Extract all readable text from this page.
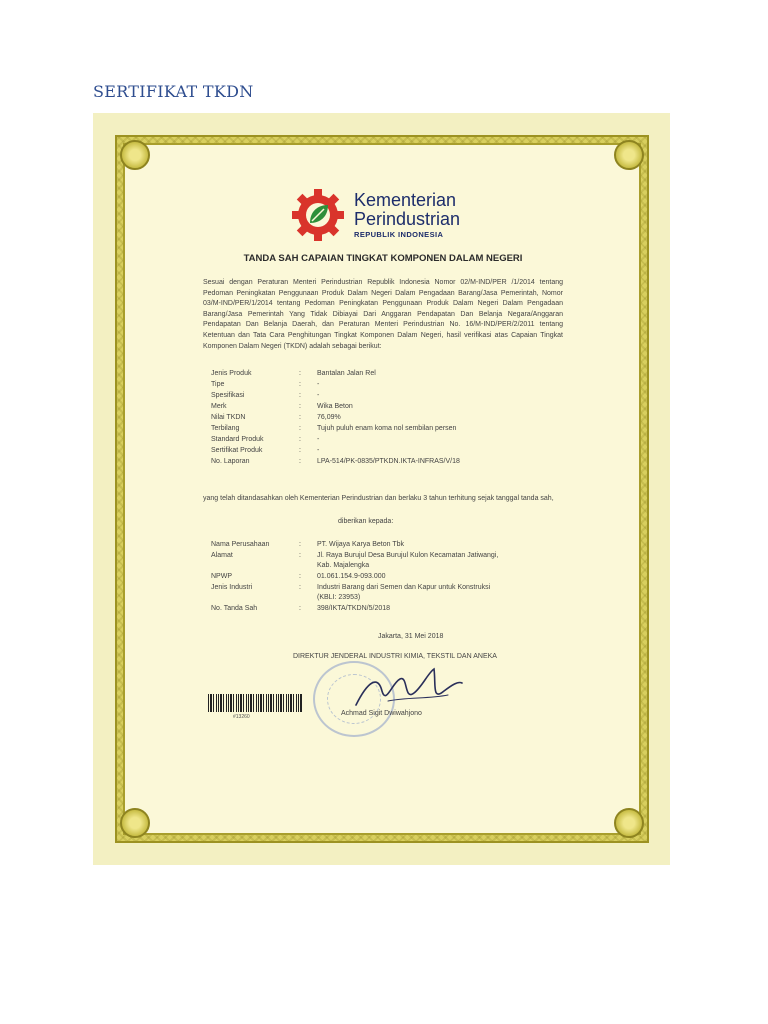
SERTIFIKAT TKDN
Kementerian
Perindustrian
REPUBLIK INDONESIA
TANDA SAH CAPAIAN TINGKAT KOMPONEN DALAM NEGERI
Sesuai dengan Peraturan Menteri Perindustrian Republik Indonesia Nomor 02/M-IND/PER /1/2014 tentang Pedoman Peningkatan Penggunaan Produk Dalam Negeri Dalam Pengadaan Barang/Jasa Pemerintah, Nomor 03/M-IND/PER/1/2014 tentang Pedoman Peningkatan Penggunaan Produk Dalam Negeri Dalam Pengadaan Barang/Jasa Pemerintah Yang Tidak Dibiayai Dari Anggaran Pendapatan Dan Belanja Negara/Anggaran Pendapatan Dan Belanja Daerah, dan Peraturan Menteri Perindustrian No. 16/M-IND/PER/2/2011 tentang Ketentuan dan Tata Cara Penghitungan Tingkat Komponen Dalam Negeri, hasil verifikasi atas Capaian Tingkat Komponen Dalam Negeri (TKDN) adalah sebagai berikut:
Jenis Produk	: Bantalan Jalan Rel
Tipe	: -
Spesifikasi	: -
Merk	: Wika Beton
Nilai TKDN	: 76,09%
Terbilang	: Tujuh puluh enam koma nol sembilan persen
Standard Produk	: -
Sertifikat Produk	: -
No. Laporan	: LPA-514/PK-0835/PTKDN.IKTA-INFRAS/V/18
yang telah ditandasahkan oleh Kementerian Perindustrian dan berlaku 3 tahun terhitung sejak tanggal tanda sah,
diberikan kepada:
Nama Perusahaan	: PT. Wijaya Karya Beton Tbk
Alamat	: Jl. Raya Burujul Desa Burujul Kulon Kecamatan Jatiwangi,
Kab. Majalengka
NPWP	: 01.061.154.9-093.000
Jenis Industri	: Industri Barang dari Semen dan Kapur untuk Konstruksi
(KBLI: 23953)
No. Tanda Sah	: 398/IKTA/TKDN/5/2018
Jakarta, 31 Mei 2018
DIREKTUR JENDERAL INDUSTRI KIMIA, TEKSTIL DAN ANEKA
Achmad Sigit Dwiwahjono
#13260
